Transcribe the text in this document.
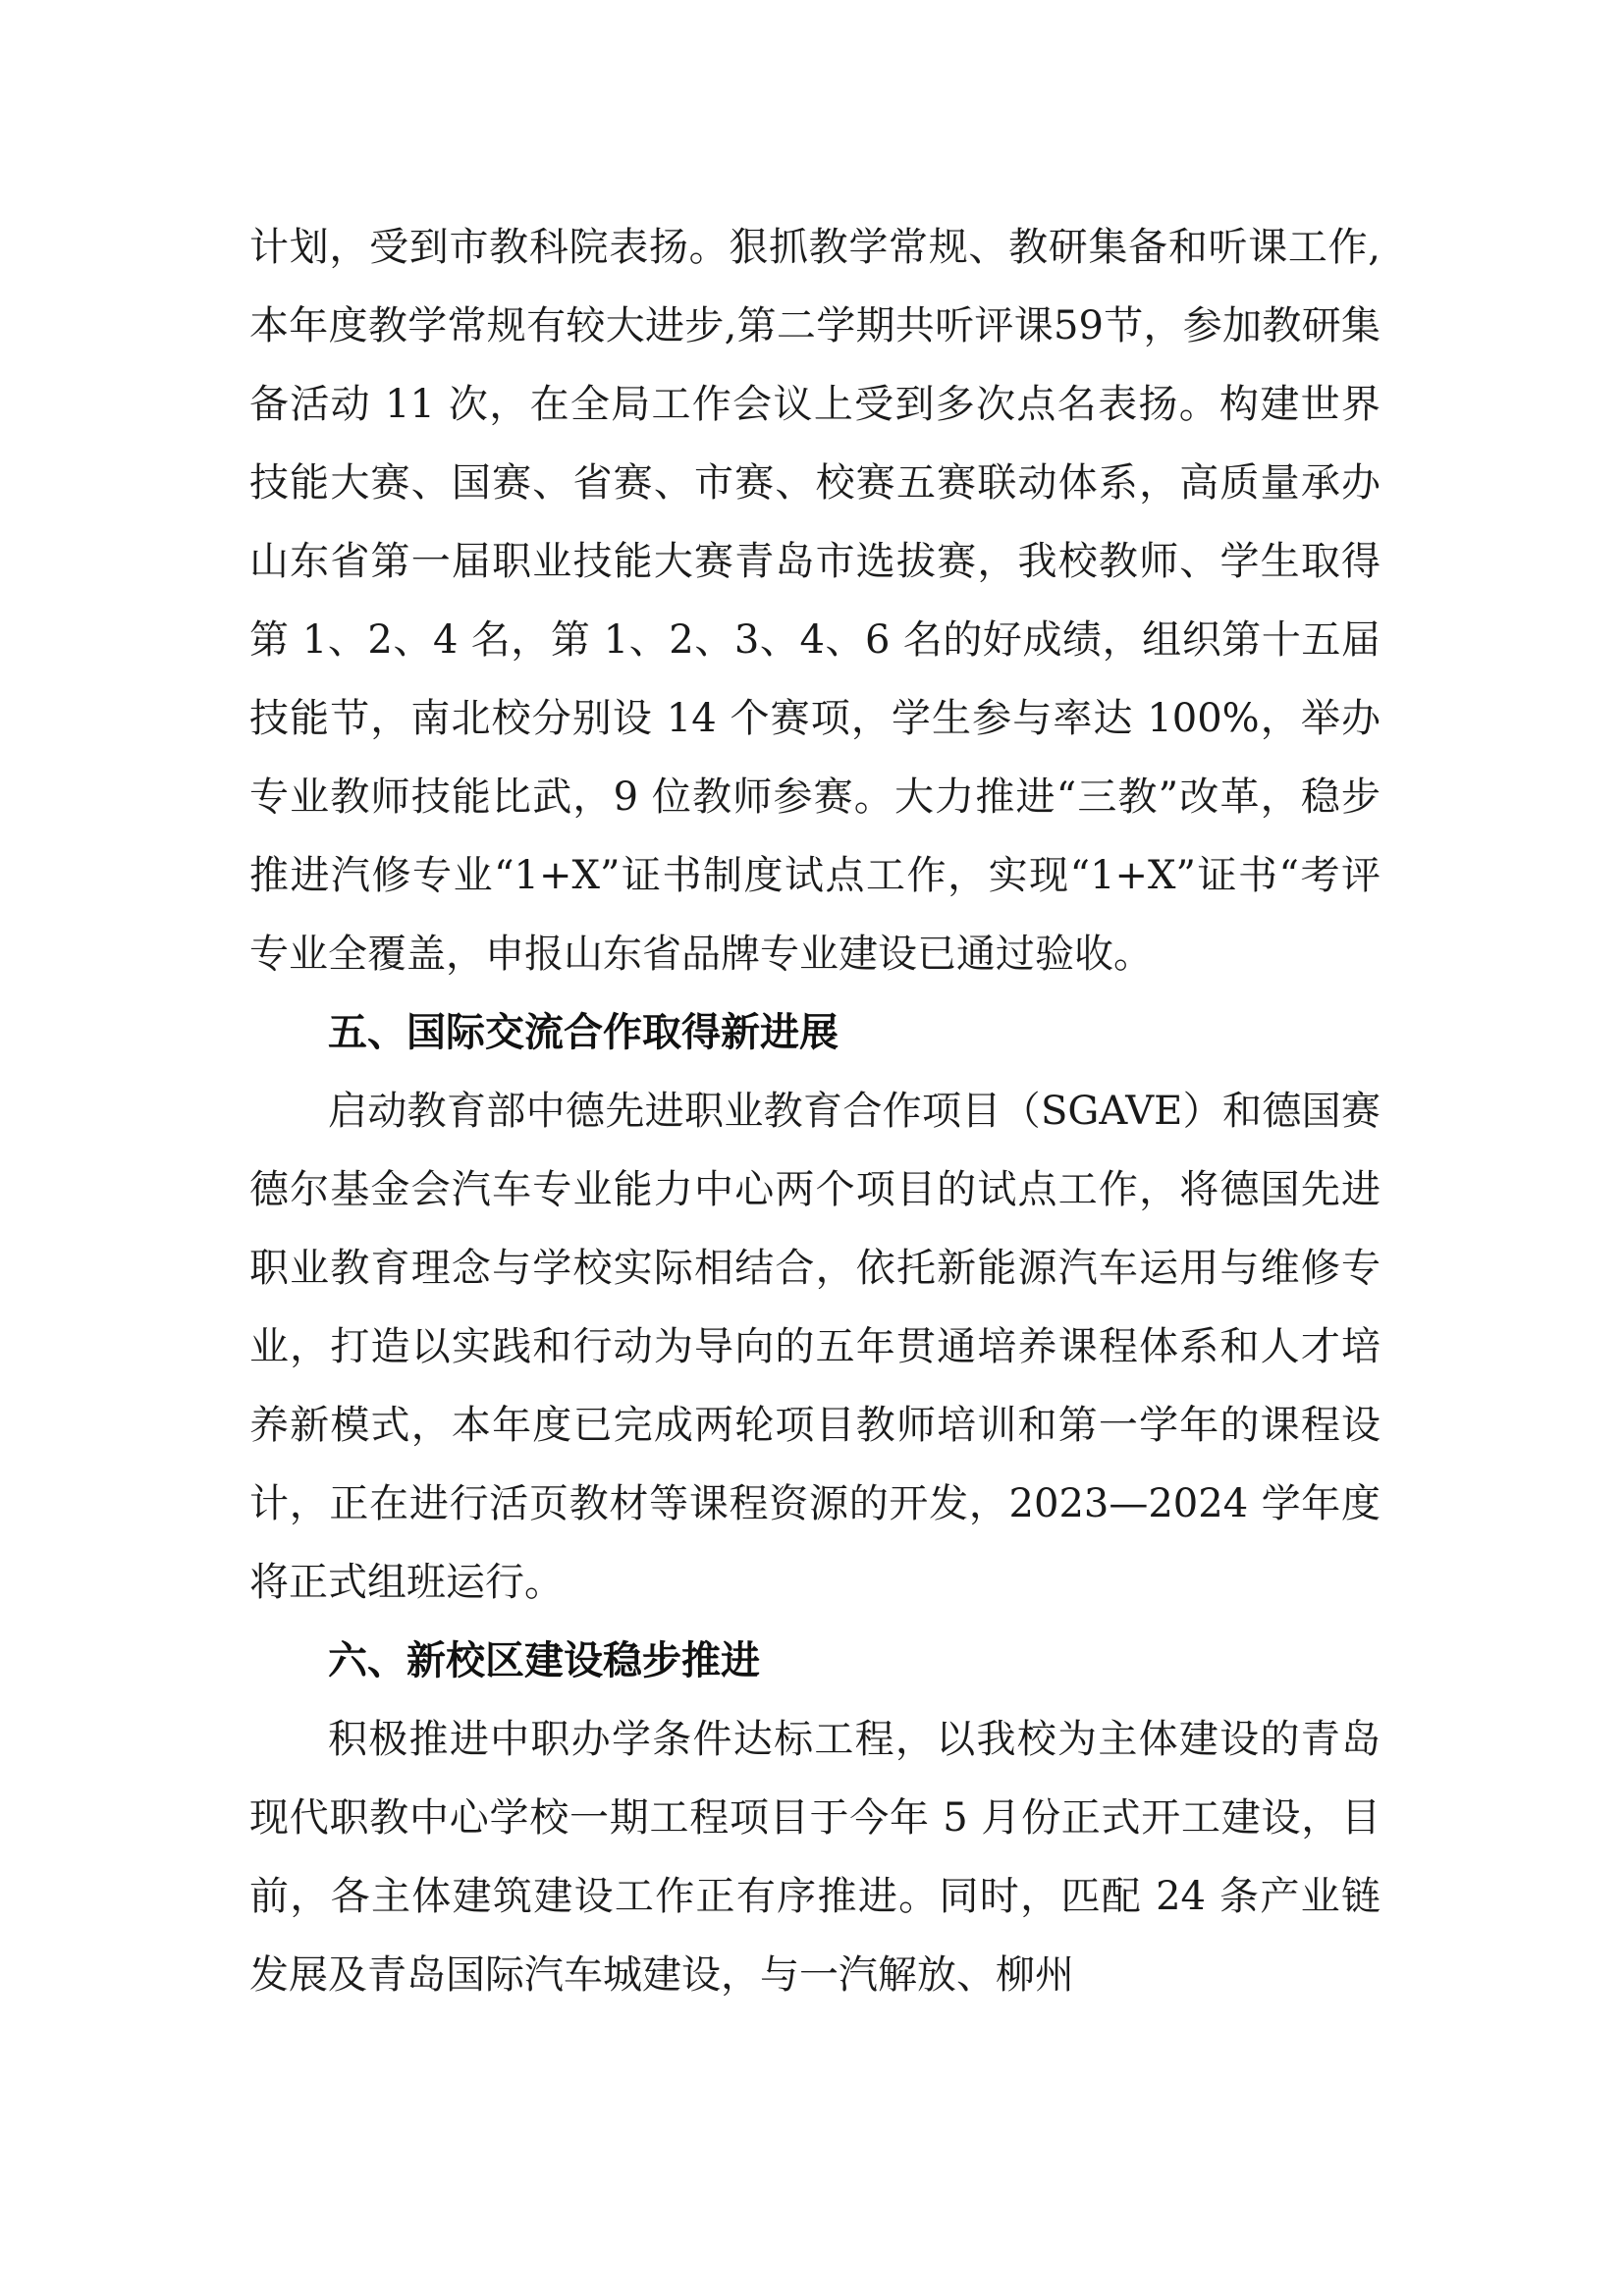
计划，受到市教科院表扬。狠抓教学常规、教研集备和听课工作,本年度教学常规有较大进步,第二学期共听评课59节，参加教研集备活动 11 次，在全局工作会议上受到多次点名表扬。构建世界技能大赛、国赛、省赛、市赛、校赛五赛联动体系，高质量承办山东省第一届职业技能大赛青岛市选拔赛，我校教师、学生取得第 1、2、4 名，第 1、2、3、4、6 名的好成绩，组织第十五届技能节，南北校分别设 14 个赛项，学生参与率达 100%，举办专业教师技能比武，9 位教师参赛。大力推进“三教”改革，稳步推进汽修专业“1+X”证书制度试点工作，实现“1+X”证书“考评专业全覆盖，申报山东省品牌专业建设已通过验收。

五、国际交流合作取得新进展

启动教育部中德先进职业教育合作项目（SGAVE）和德国赛德尔基金会汽车专业能力中心两个项目的试点工作，将德国先进职业教育理念与学校实际相结合，依托新能源汽车运用与维修专业，打造以实践和行动为导向的五年贯通培养课程体系和人才培养新模式，本年度已完成两轮项目教师培训和第一学年的课程设计，正在进行活页教材等课程资源的开发，2023—2024 学年度将正式组班运行。

六、新校区建设稳步推进

积极推进中职办学条件达标工程，以我校为主体建设的青岛现代职教中心学校一期工程项目于今年 5 月份正式开工建设，目前，各主体建筑建设工作正有序推进。同时，匹配 24 条产业链发展及青岛国际汽车城建设，与一汽解放、柳州
